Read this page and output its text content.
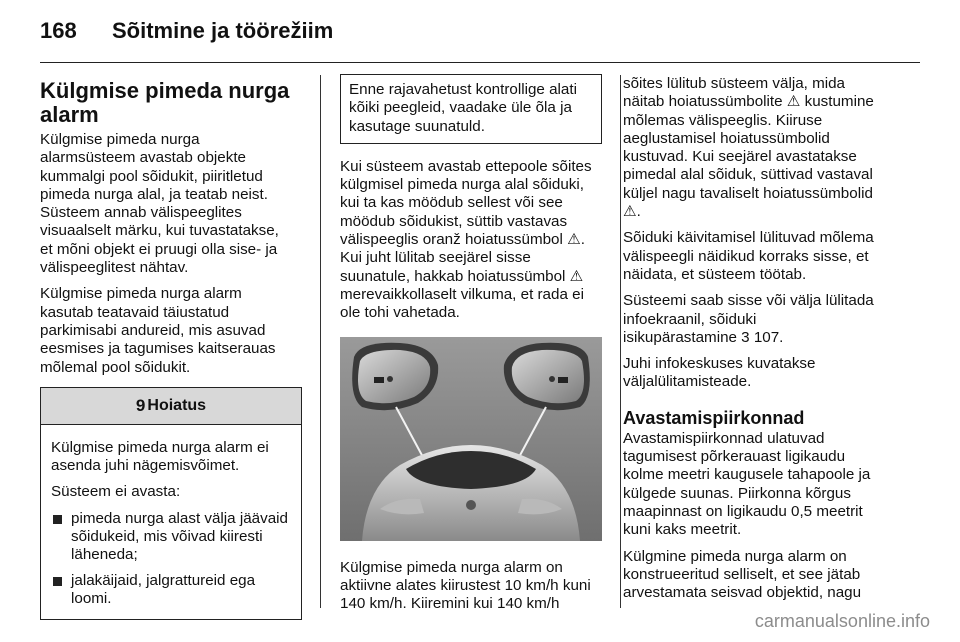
168	Sõitmine ja töörežiim
Külgmise pimeda nurga
alarm

Külgmise pimeda nurga
alarmsüsteem avastab objekte
kummalgi pool sõidukit, piiritletud
pimeda nurga alal, ja teatab neist.
Süsteem annab välispeeglites
visuaalselt märku, kui tuvastatakse,
et mõni objekt ei pruugi olla sise- ja
välispeeglitest nähtav.

Külgmise pimeda nurga alarm
kasutab teatavaid täiustatud
parkimisabi andureid, mis asuvad
eesmises ja tagumises kaitserauas
mõlemal pool sõidukit.

9 Hoiatus

Külgmise pimeda nurga alarm ei
asenda juhi nägemisvõimet.

Süsteem ei avasta:

pimeda nurga alast välja jäävaid
sõidukeid, mis võivad kiiresti
läheneda;
jalakäijaid, jalgrattureid ega
loomi.
Enne rajavahetust kontrollige alati
kõiki peegleid, vaadake üle õla ja
kasutage suunatuld.

Kui süsteem avastab ettepoole sõites
külgmisel pimeda nurga alal sõiduki,
kui ta kas möödub sellest või see
möödub sõidukist, süttib vastavas
välispeeglis oranž hoiatussümbol ⚠.
Kui juht lülitab seejärel sisse
suunatule, hakkab hoiatussümbol ⚠
merevaikkollaselt vilkuma, et rada ei
ole tohi vahetada.

Külgmise pimeda nurga alarm on
aktiivne alates kiirustest 10 km/h kuni
140 km/h. Kiiremini kui 140 km/h

sõites lülitub süsteem välja, mida
näitab hoiatussümbolite ⚠ kustumine
mõlemas välispeeglis. Kiiruse
aeglustamisel hoiatussümbolid
kustuvad. Kui seejärel avastatakse
pimedal alal sõiduk, süttivad vastaval
küljel nagu tavaliselt hoiatussümbolid
⚠.

Sõiduki käivitamisel lülituvad mõlema
välispeegli näidikud korraks sisse, et
näidata, et süsteem töötab.

Süsteemi saab sisse või välja lülitada
infoekraanil, sõiduki
isikupärastamine 3 107.

Juhi infokeskuses kuvatakse
väljalülitamisteade.

Avastamispiirkonnad

Avastamispiirkonnad ulatuvad
tagumisest põrkerauast ligikaudu
kolme meetri kaugusele tahapoole ja
külgede suunas. Piirkonna kõrgus
maapinnast on ligikaudu 0,5 meetrit
kuni kaks meetrit.

Külgmine pimeda nurga alarm on
konstrueeritud selliselt, et see jätab
arvestamata seisvad objektid, nagu

carmanualsonline.info
